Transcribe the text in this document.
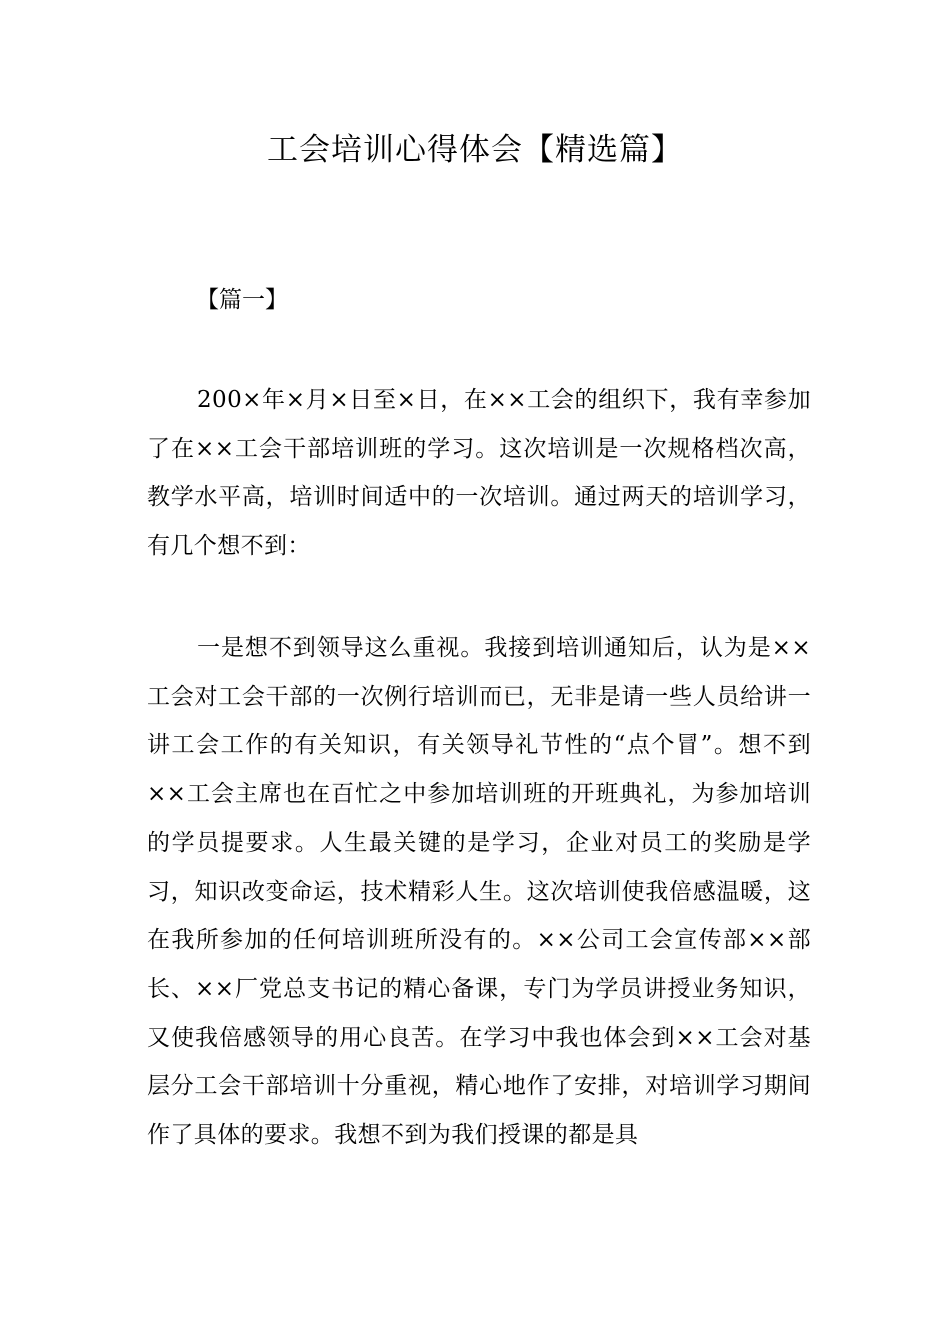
工会培训心得体会【精选篇】
【篇一】

200×年×月×日至×日，在××工会的组织下，我有幸参加了在××工会干部培训班的学习。这次培训是一次规格档次高，教学水平高，培训时间适中的一次培训。通过两天的培训学习，有几个想不到：

一是想不到领导这么重视。我接到培训通知后，认为是××工会对工会干部的一次例行培训而已，无非是请一些人员给讲一讲工会工作的有关知识，有关领导礼节性的“点个冒”。想不到××工会主席也在百忙之中参加培训班的开班典礼，为参加培训的学员提要求。人生最关键的是学习，企业对员工的奖励是学习，知识改变命运，技术精彩人生。这次培训使我倍感温暖，这在我所参加的任何培训班所没有的。××公司工会宣传部××部长、××厂党总支书记的精心备课，专门为学员讲授业务知识，又使我倍感领导的用心良苦。在学习中我也体会到××工会对基层分工会干部培训十分重视，精心地作了安排，对培训学习期间作了具体的要求。我想不到为我们授课的都是具
